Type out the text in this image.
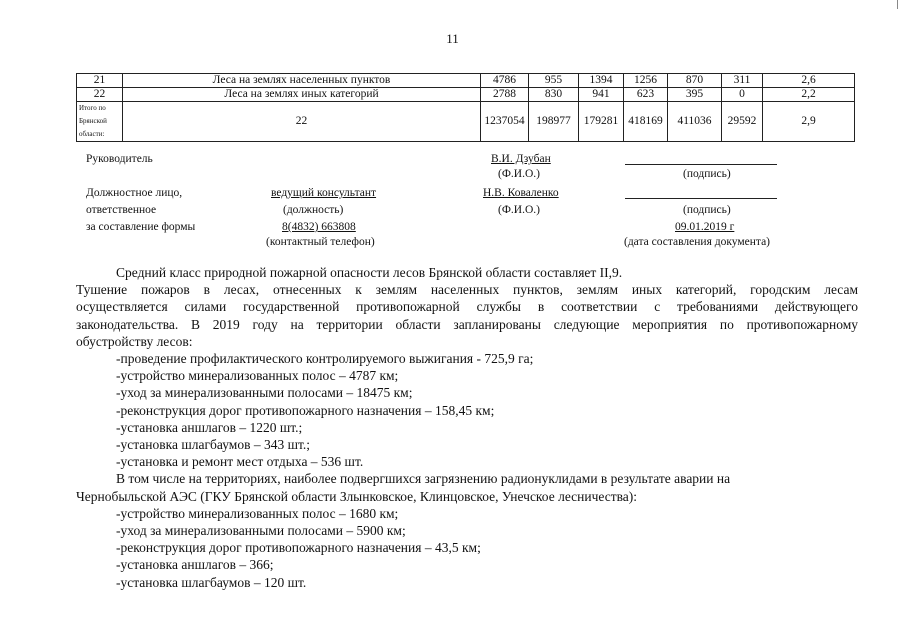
11
21	Леса на землях населенных пунктов	4786	955	1394	1256	870	311	2,6
22	Леса на землях иных категорий	2788	830	941	623	395	0	2,2
Итого по Брянской области:	22	1237054	198977	179281	418169	411036	29592	2,9
Руководитель	В.И. Дзубан
(Ф.И.О.)	(подпись)
Должностное лицо,
ответственное
за составление формы
ведущий консультант
(должность)
Н.В. Коваленко
(Ф.И.О.)	(подпись)
8(4832) 663808
(контактный телефон)
09.01.2019 г
(дата составления документа)

Средний класс природной пожарной опасности лесов Брянской области составляет II,9.

Тушение пожаров в лесах, отнесенных к землям населенных пунктов, землям иных категорий, городским лесам

осуществляется силами государственной противопожарной службы в соответствии с требованиями действующего

законодательства. В 2019 году на территории области запланированы следующие мероприятия по противопожарному

обустройству лесов:

-проведение профилактического контролируемого выжигания - 725,9 га;

-устройство минерализованных полос – 4787 км;

-уход за минерализованными полосами – 18475 км;

-реконструкция дорог противопожарного назначения – 158,45 км;

-установка аншлагов – 1220 шт.;

-установка шлагбаумов – 343 шт.;

-установка и ремонт мест отдыха – 536 шт.

В том числе на территориях, наиболее подвергшихся загрязнению радионуклидами в результате аварии на

Чернобыльской АЭС (ГКУ Брянской области Злынковское, Клинцовское, Унечское лесничества):

-устройство минерализованных полос – 1680 км;

-уход за минерализованными полосами – 5900 км;

-реконструкция дорог противопожарного назначения – 43,5 км;

-установка аншлагов – 366;

-установка шлагбаумов – 120 шт.
